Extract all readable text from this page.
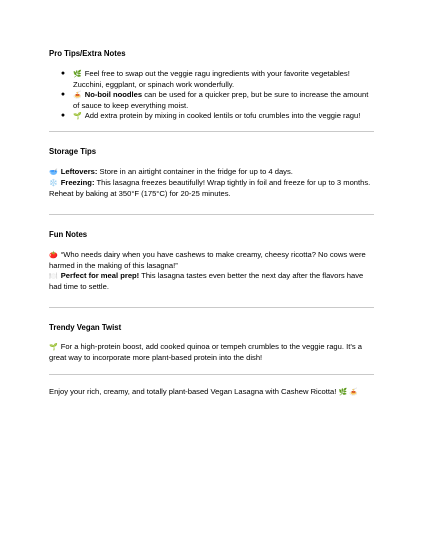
Pro Tips/Extra Notes
● 🌿 Feel free to swap out the veggie ragu ingredients with your favorite vegetables! Zucchini, eggplant, or spinach work wonderfully.
● 🍝 No-boil noodles can be used for a quicker prep, but be sure to increase the amount of sauce to keep everything moist.
● 🌱 Add extra protein by mixing in cooked lentils or tofu crumbles into the veggie ragu!
Storage Tips

🥣 Leftovers: Store in an airtight container in the fridge for up to 4 days.

❄️ Freezing: This lasagna freezes beautifully! Wrap tightly in foil and freeze for up to 3 months. Reheat by baking at 350°F (175°C) for 20-25 minutes.

Fun Notes

🍅 “Who needs dairy when you have cashews to make creamy, cheesy ricotta? No cows were harmed in the making of this lasagna!”

🍽️ Perfect for meal prep! This lasagna tastes even better the next day after the flavors have had time to settle.

Trendy Vegan Twist

🌱 For a high-protein boost, add cooked quinoa or tempeh crumbles to the veggie ragu. It’s a great way to incorporate more plant-based protein into the dish!

Enjoy your rich, creamy, and totally plant-based Vegan Lasagna with Cashew Ricotta! 🌿 🍝
